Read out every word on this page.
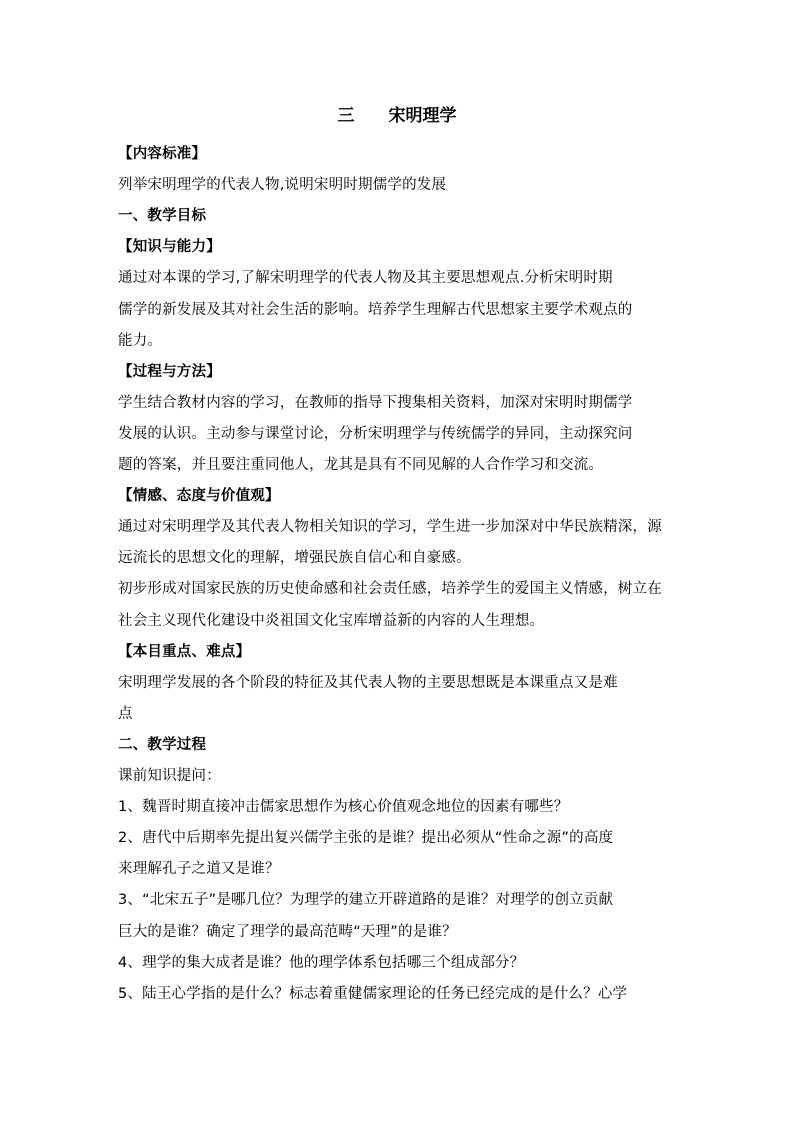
三　　宋明理学
【内容标准】
列举宋明理学的代表人物,说明宋明时期儒学的发展
一、教学目标
【知识与能力】
通过对本课的学习,了解宋明理学的代表人物及其主要思想观点.分析宋明时期
儒学的新发展及其对社会生活的影响。培养学生理解古代思想家主要学术观点的
能力。
【过程与方法】
学生结合教材内容的学习，在教师的指导下搜集相关资料，加深对宋明时期儒学
发展的认识。主动参与课堂讨论，分析宋明理学与传统儒学的异同，主动探究问
题的答案，并且要注重同他人，龙其是具有不同见解的人合作学习和交流。
【情感、态度与价值观】
通过对宋明理学及其代表人物相关知识的学习，学生进一步加深对中华民族精深，源
远流长的思想文化的理解，增强民族自信心和自豪感。
初步形成对国家民族的历史使命感和社会责任感，培养学生的爱国主义情感，树立在
社会主义现代化建设中炎祖国文化宝库增益新的内容的人生理想。
【本目重点、难点】
宋明理学发展的各个阶段的特征及其代表人物的主要思想既是本课重点又是难
点
二、教学过程
课前知识提问：
1、魏晋时期直接冲击儒家思想作为核心价值观念地位的因素有哪些？
2、唐代中后期率先提出复兴儒学主张的是谁？提出必须从“性命之源”的高度
来理解孔子之道又是谁？
3、“北宋五子”是哪几位？为理学的建立开辟道路的是谁？对理学的创立贡献
巨大的是谁？确定了理学的最高范畴“天理”的是谁？
4、理学的集大成者是谁？他的理学体系包括哪三个组成部分？
5、陆王心学指的是什么？标志着重健儒家理论的任务已经完成的是什么？心学
